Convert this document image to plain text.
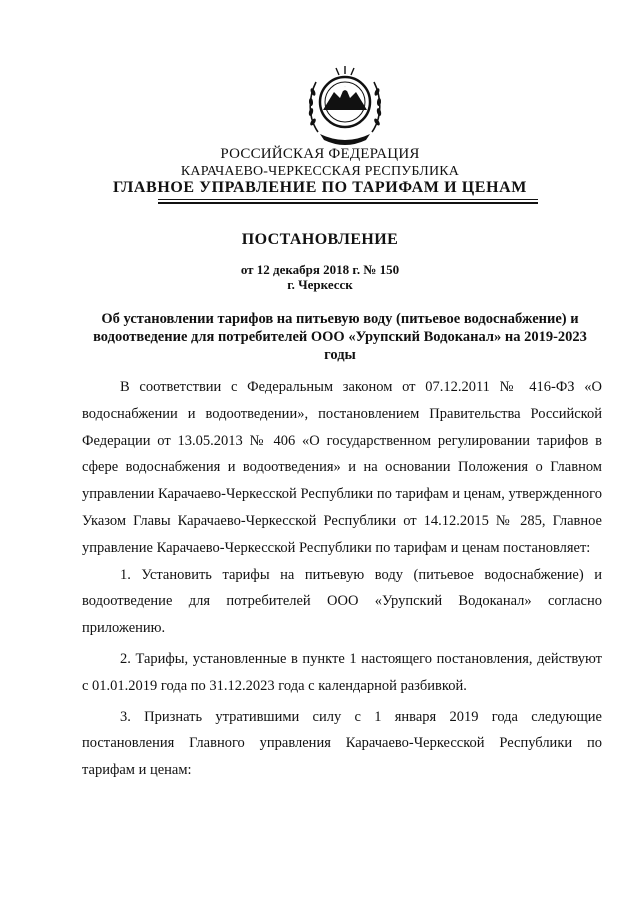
РОССИЙСКАЯ ФЕДЕРАЦИЯ
КАРАЧАЕВО-ЧЕРКЕССКАЯ РЕСПУБЛИКА
ГЛАВНОЕ УПРАВЛЕНИЕ ПО ТАРИФАМ И ЦЕНАМ
ПОСТАНОВЛЕНИЕ
от 12 декабря 2018 г. № 150
г. Черкесск
Об установлении тарифов на питьевую воду (питьевое водоснабжение) и водоотведение для потребителей ООО «Урупский Водоканал» на 2019-2023 годы

В соответствии с Федеральным законом от 07.12.2011 № 416-ФЗ «О водоснабжении и водоотведении», постановлением Правительства Российской Федерации от 13.05.2013 № 406 «О государственном регулировании тарифов в сфере водоснабжения и водоотведения» и на основании Положения о Главном управлении Карачаево-Черкесской Республики по тарифам и ценам, утвержденного Указом Главы Карачаево-Черкесской Республики от 14.12.2015 № 285, Главное управление Карачаево-Черкесской Республики по тарифам и ценам постановляет:

1. Установить тарифы на питьевую воду (питьевое водоснабжение) и водоотведение для потребителей ООО «Урупский Водоканал» согласно приложению.

2. Тарифы, установленные в пункте 1 настоящего постановления, действуют с 01.01.2019 года по 31.12.2023 года с календарной разбивкой.

3. Признать утратившими силу с 1 января 2019 года следующие постановления Главного управления Карачаево-Черкесской Республики по тарифам и ценам:
